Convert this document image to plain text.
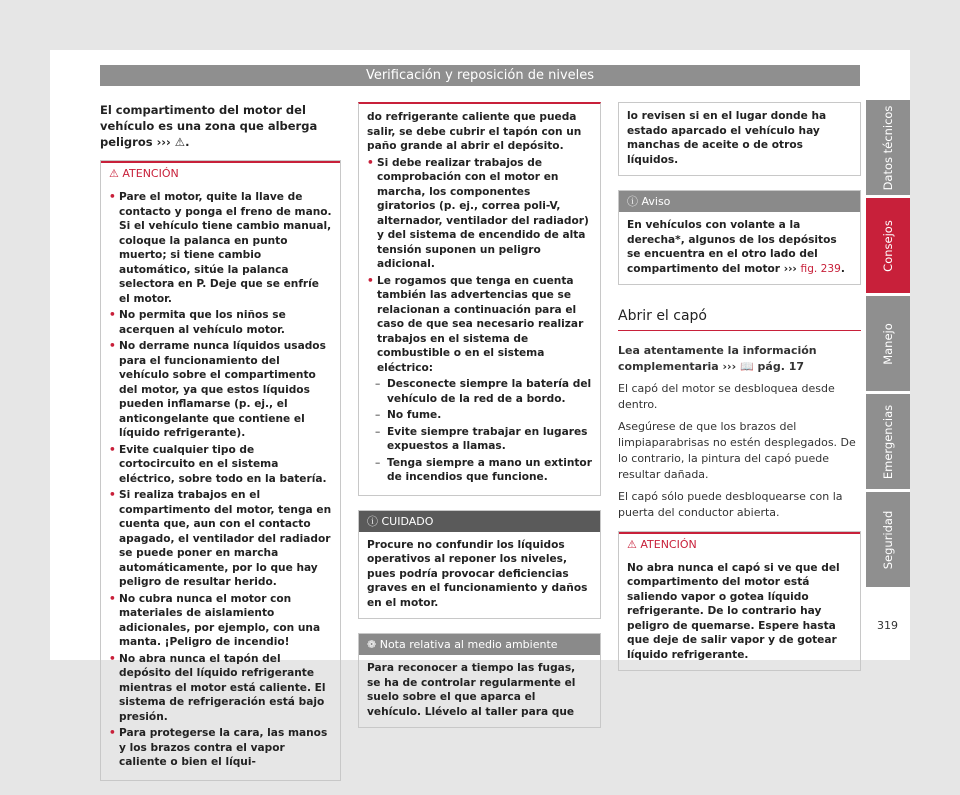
Verificación y reposición de niveles
El compartimento del motor del vehículo es una zona que alberga peligros ››› ⚠.
⚠ ATENCIÓN
• Pare el motor, quite la llave de contacto y ponga el freno de mano. Si el vehículo tiene cambio manual, coloque la palanca en punto muerto; si tiene cambio automático, sitúe la palanca selectora en P. Deje que se enfríe el motor.
• No permita que los niños se acerquen al vehículo motor.
• No derrame nunca líquidos usados para el funcionamiento del vehículo sobre el compartimento del motor, ya que estos líquidos pueden inflamarse (p. ej., el anticongelante que contiene el líquido refrigerante).
• Evite cualquier tipo de cortocircuito en el sistema eléctrico, sobre todo en la batería.
• Si realiza trabajos en el compartimento del motor, tenga en cuenta que, aun con el contacto apagado, el ventilador del radiador se puede poner en marcha automáticamente, por lo que hay peligro de resultar herido.
• No cubra nunca el motor con materiales de aislamiento adicionales, por ejemplo, con una manta. ¡Peligro de incendio!
• No abra nunca el tapón del depósito del líquido refrigerante mientras el motor está caliente. El sistema de refrigeración está bajo presión.
• Para protegerse la cara, las manos y los brazos contra el vapor caliente o bien el líqui-
do refrigerante caliente que pueda salir, se debe cubrir el tapón con un paño grande al abrir el depósito.
• Si debe realizar trabajos de comprobación con el motor en marcha, los componentes giratorios (p. ej., correa poli-V, alternador, ventilador del radiador) y del sistema de encendido de alta tensión suponen un peligro adicional.
• Le rogamos que tenga en cuenta también las advertencias que se relacionan a continuación para el caso de que sea necesario realizar trabajos en el sistema de combustible o en el sistema eléctrico:
– Desconecte siempre la batería del vehículo de la red de a bordo.
– No fume.
– Evite siempre trabajar en lugares expuestos a llamas.
– Tenga siempre a mano un extintor de incendios que funcione.
ⓘ CUIDADO
Procure no confundir los líquidos operativos al reponer los niveles, pues podría provocar deficiencias graves en el funcionamiento y daños en el motor.
❁ Nota relativa al medio ambiente
Para reconocer a tiempo las fugas, se ha de controlar regularmente el suelo sobre el que aparca el vehículo. Llévelo al taller para que
lo revisen si en el lugar donde ha estado aparcado el vehículo hay manchas de aceite o de otros líquidos.
ⓘ Aviso
En vehículos con volante a la derecha*, algunos de los depósitos se encuentra en el otro lado del compartimento del motor ››› fig. 239.
Abrir el capó
Lea atentamente la información complementaria ››› 📖 pág. 17
El capó del motor se desbloquea desde dentro.
Asegúrese de que los brazos del limpiaparabrisas no estén desplegados. De lo contrario, la pintura del capó puede resultar dañada.
El capó sólo puede desbloquearse con la puerta del conductor abierta.
⚠ ATENCIÓN
No abra nunca el capó si ve que del compartimento del motor está saliendo vapor o gotea líquido refrigerante. De lo contrario hay peligro de quemarse. Espere hasta que deje de salir vapor y de gotear líquido refrigerante.
Datos técnicos
Consejos
Manejo
Emergencias
Seguridad
319
